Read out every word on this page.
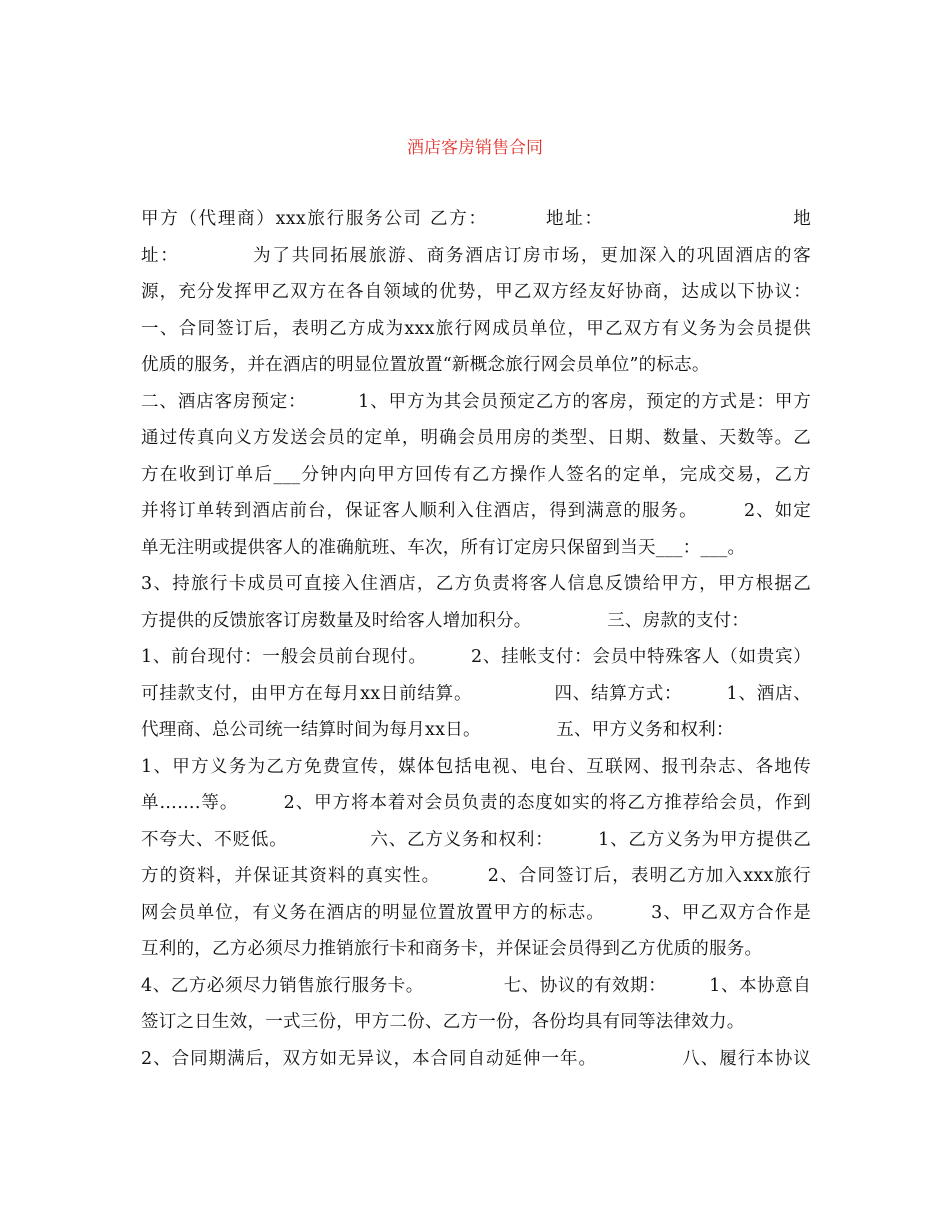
酒店客房销售合同
甲方（代理商）xxx旅行服务公司 乙方：        地址：                          地
址：          为了共同拓展旅游、商务酒店订房市场，更加深入的巩固酒店的客
源，充分发挥甲乙双方在各自领域的优势，甲乙双方经友好协商，达成以下协议：
一、合同签订后，表明乙方成为xxx旅行网成员单位，甲乙双方有义务为会员提供
优质的服务，并在酒店的明显位置放置“新概念旅行网会员单位”的标志。
二、酒店客房预定：        1、甲方为其会员预定乙方的客房，预定的方式是：甲方
通过传真向义方发送会员的定单，明确会员用房的类型、日期、数量、天数等。乙
方在收到订单后___分钟内向甲方回传有乙方操作人签名的定单，完成交易，乙方
并将订单转到酒店前台，保证客人顺利入住酒店，得到满意的服务。       2、如定
单无注明或提供客人的准确航班、车次，所有订定房只保留到当天___：___。
3、持旅行卡成员可直接入住酒店，乙方负责将客人信息反馈给甲方，甲方根据乙
方提供的反馈旅客订房数量及时给客人增加积分。             三、房款的支付：
1、前台现付：一般会员前台现付。       2、挂帐支付：会员中特殊客人（如贵宾）
可挂款支付，由甲方在每月xx日前结算。             四、结算方式：       1、酒店、
代理商、总公司统一结算时间为每月xx日。             五、甲方义务和权利：
1、甲方义务为乙方免费宣传，媒体包括电视、电台、互联网、报刊杂志、各地传
单…….等。       2、甲方将本着对会员负责的态度如实的将乙方推荐给会员，作到
不夸大、不贬低。             六、乙方义务和权利：       1、乙方义务为甲方提供乙
方的资料，并保证其资料的真实性。       2、合同签订后，表明乙方加入xxx旅行
网会员单位，有义务在酒店的明显位置放置甲方的标志。       3、甲乙双方合作是
互利的，乙方必须尽力推销旅行卡和商务卡，并保证会员得到乙方优质的服务。
4、乙方必须尽力销售旅行服务卡。             七、协议的有效期：       1、本协意自
签订之日生效，一式三份，甲方二份、乙方一份，各份均具有同等法律效力。
2、合同期满后，双方如无异议，本合同自动延伸一年。             八、履行本协议
